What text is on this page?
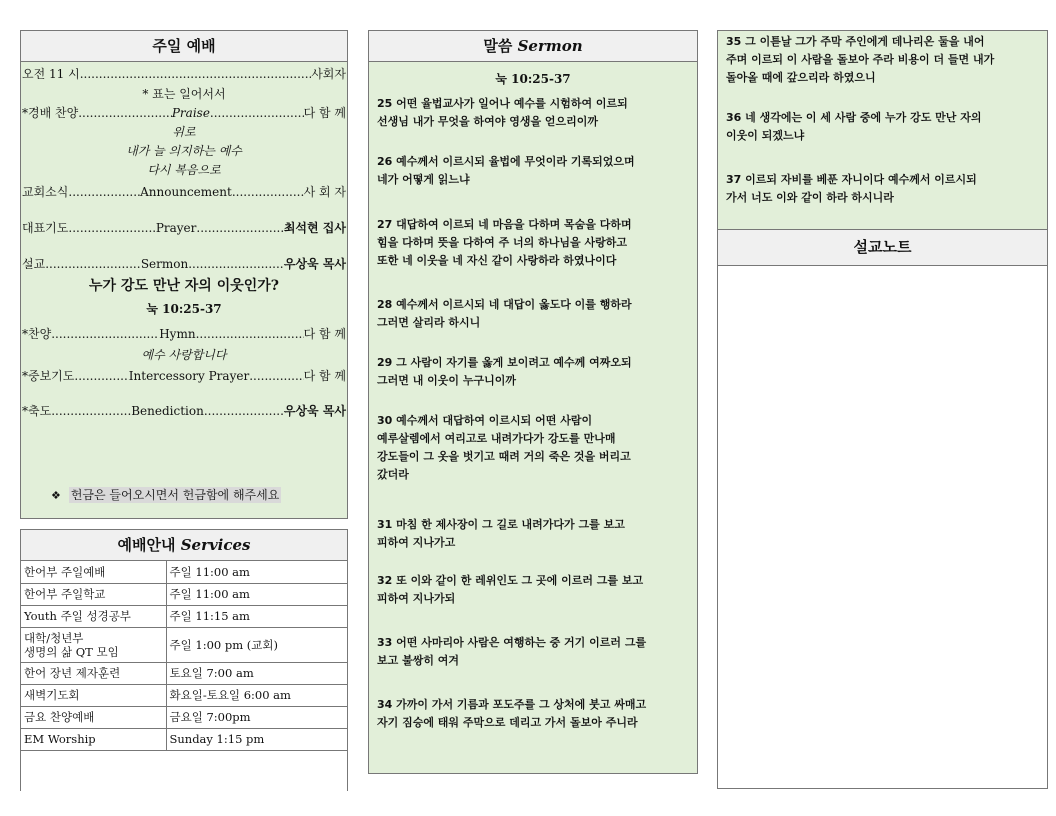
주일 예배
오전 11 시 .....	사회자
* 표는 일어서서
*경배 찬양 .....	Praise .....	다 함 께
위로
내가 늘 의지하는 예수
다시 복음으로
교회소식 .....	Announcement .....	사 회 자
대표기도 .....	Prayer .....	최석현 집사
설교 .....	Sermon .....	우상욱 목사
누가 강도 만난 자의 이웃인가?
눅 10:25-37
*찬양 .....	Hymn .....	다 함 께
예수 사랑합니다
*중보기도 .....	Intercessory Prayer .....	다 함 께
*축도 .....	Benediction .....	우상욱 목사
❖ 헌금은 들어오시면서 헌금함에 해주세요
예배안내 Services
한어부 주일예배	주일 11:00 am
한어부 주일학교	주일 11:00 am
Youth 주일 성경공부	주일 11:15 am
대학/청년부
생명의 삶 QT 모임	주일 1:00 pm (교회)
한어 장년 제자훈련	토요일 7:00 am
새벽기도회	화요일-토요일 6:00 am
금요 찬양예배	금요일 7:00pm
EM Worship	Sunday 1:15 pm
말씀 Sermon
눅 10:25-37
25 어떤 율법교사가 일어나 예수를 시험하여 이르되
선생님 내가 무엇을 하여야 영생을 얻으리이까
26 예수께서 이르시되 율법에 무엇이라 기록되었으며
네가 어떻게 읽느냐
27 대답하여 이르되 네 마음을 다하며 목숨을 다하며
힘을 다하며 뜻을 다하여 주 너의 하나님을 사랑하고
또한 네 이웃을 네 자신 같이 사랑하라 하였나이다
28 예수께서 이르시되 네 대답이 옳도다 이를 행하라
그러면 살리라 하시니
29 그 사람이 자기를 옳게 보이려고 예수께 여짜오되
그러면 내 이웃이 누구니이까
30 예수께서 대답하여 이르시되 어떤 사람이
예루살렘에서 여리고로 내려가다가 강도를 만나매
강도들이 그 옷을 벗기고 때려 거의 죽은 것을 버리고
갔더라
31 마침 한 제사장이 그 길로 내려가다가 그를 보고
피하여 지나가고
32 또 이와 같이 한 레위인도 그 곳에 이르러 그를 보고
피하여 지나가되
33 어떤 사마리아 사람은 여행하는 중 거기 이르러 그를
보고 불쌍히 여겨
34 가까이 가서 기름과 포도주를 그 상처에 붓고 싸매고
자기 짐승에 태워 주막으로 데리고 가서 돌보아 주니라
35 그 이튿날 그가 주막 주인에게 데나리온 둘을 내어
주며 이르되 이 사람을 돌보아 주라 비용이 더 들면 내가
돌아올 때에 갚으리라 하였으니
36 네 생각에는 이 세 사람 중에 누가 강도 만난 자의
이웃이 되겠느냐
37 이르되 자비를 베푼 자니이다 예수께서 이르시되
가서 너도 이와 같이 하라 하시니라
설교노트
